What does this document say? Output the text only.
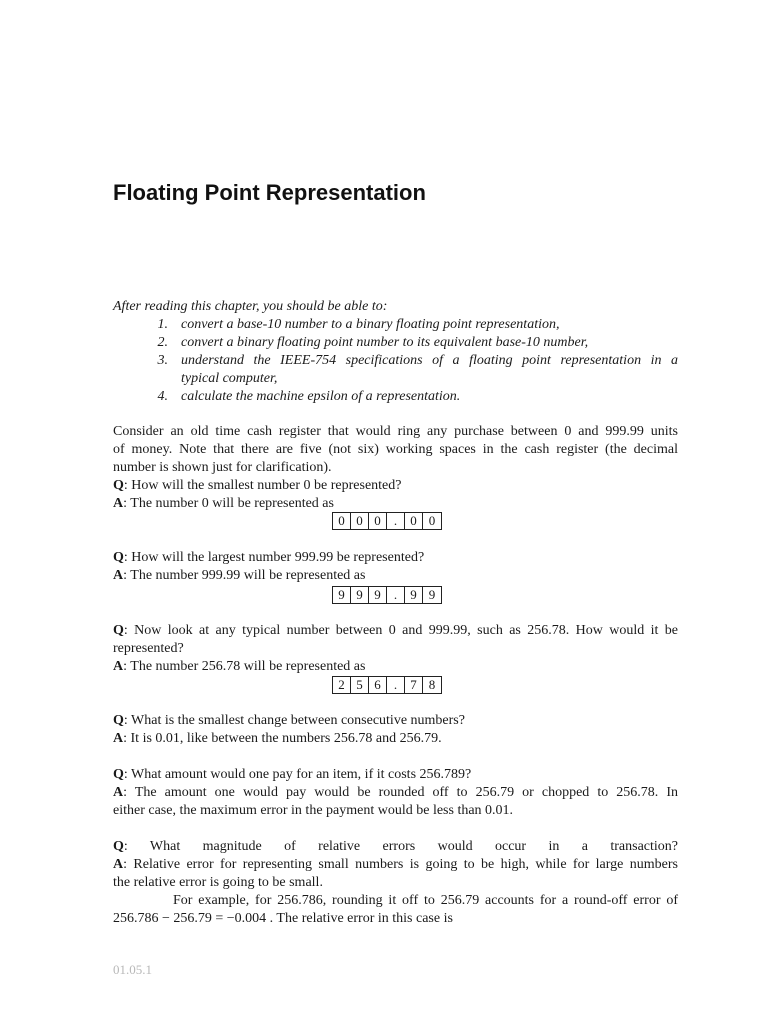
Floating Point Representation
After reading this chapter, you should be able to:
1. convert a base-10 number to a binary floating point representation,
2. convert a binary floating point number to its equivalent base-10 number,
3. understand the IEEE-754 specifications of a floating point representation in a
typical computer,
4. calculate the machine epsilon of a representation.
Consider an old time cash register that would ring any purchase between 0 and 999.99 units
of money. Note that there are five (not six) working spaces in the cash register (the decimal
number is shown just for clarification).
Q: How will the smallest number 0 be represented?
A: The number 0 will be represented as
0 0 0	.	0 0
Q: How will the largest number 999.99 be represented?
A: The number 999.99 will be represented as
9 9 9	.	9 9
Q: Now look at any typical number between 0 and 999.99, such as 256.78. How would it be
represented?
A: The number 256.78 will be represented as
2 5 6	.	7 8
Q: What is the smallest change between consecutive numbers?
A: It is 0.01, like between the numbers 256.78 and 256.79.
Q: What amount would one pay for an item, if it costs 256.789?
A: The amount one would pay would be rounded off to 256.79 or chopped to 256.78. In
either case, the maximum error in the payment would be less than 0.01.
Q: What magnitude of relative errors would occur in a transaction?
A: Relative error for representing small numbers is going to be high, while for large numbers
the relative error is going to be small.
For example, for 256.786, rounding it off to 256.79 accounts for a round-off error of
256.786 − 256.79 = −0.004 . The relative error in this case is
01.05.1
